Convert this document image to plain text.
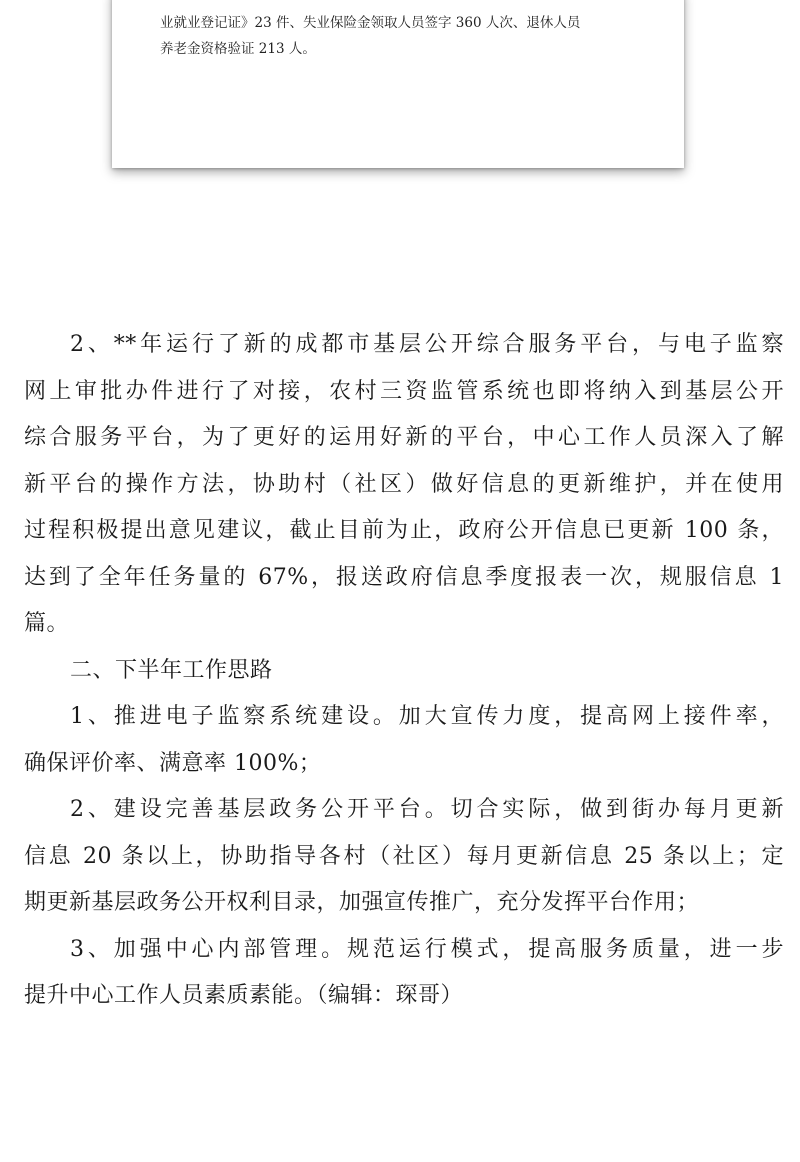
业就业登记证》23 件、失业保险金领取人员签字 360 人次、退休人员
养老金资格验证 213 人。
2、**年运行了新的成都市基层公开综合服务平台，与电子监察
网上审批办件进行了对接，农村三资监管系统也即将纳入到基层公开
综合服务平台，为了更好的运用好新的平台，中心工作人员深入了解
新平台的操作方法，协助村（社区）做好信息的更新维护，并在使用
过程积极提出意见建议，截止目前为止，政府公开信息已更新 100 条，
达到了全年任务量的 67%，报送政府信息季度报表一次，规服信息 1
篇。
二、下半年工作思路
1、推进电子监察系统建设。加大宣传力度，提高网上接件率，
确保评价率、满意率 100%；
2、建设完善基层政务公开平台。切合实际，做到街办每月更新
信息 20 条以上，协助指导各村（社区）每月更新信息 25 条以上；定
期更新基层政务公开权利目录，加强宣传推广，充分发挥平台作用；
3、加强中心内部管理。规范运行模式，提高服务质量，进一步
提升中心工作人员素质素能。（编辑：琛哥）
